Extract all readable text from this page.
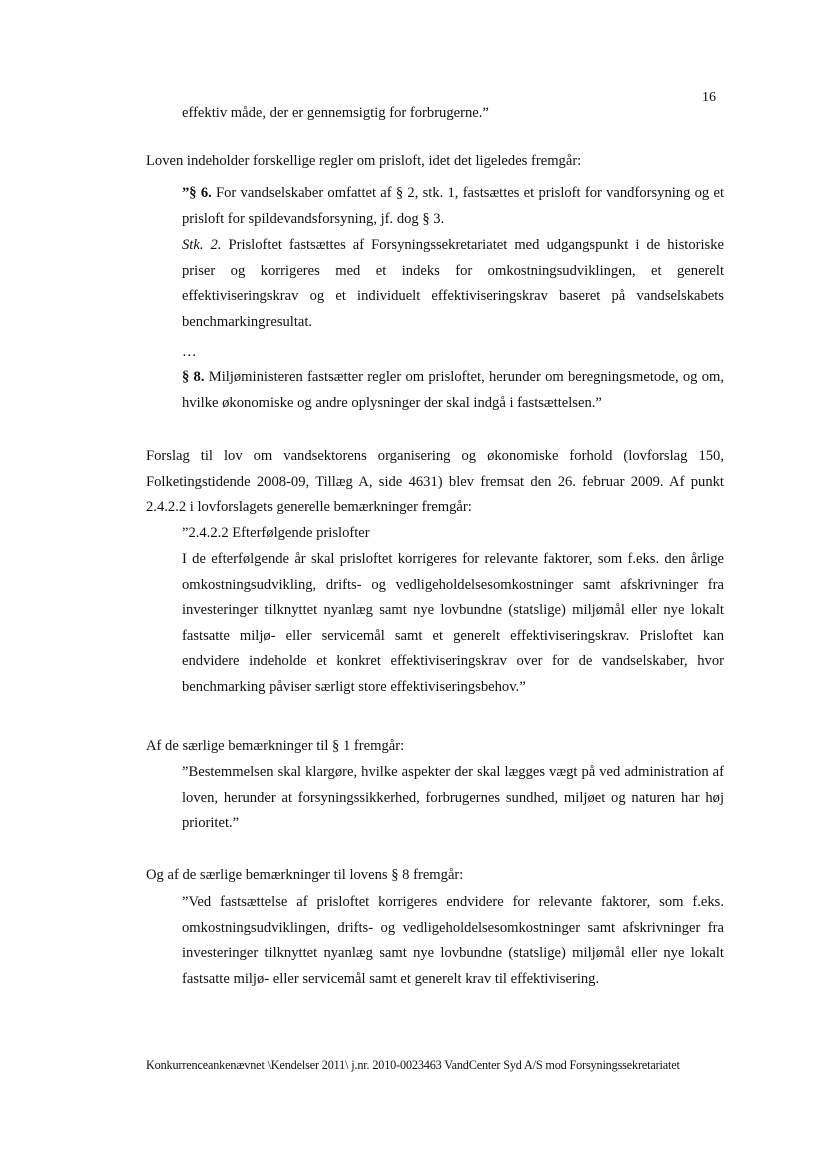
16

effektiv måde, der er gennemsigtig for forbrugerne.”

Loven indeholder forskellige regler om prisloft, idet det ligeledes fremgår:

”§ 6. For vandselskaber omfattet af § 2, stk. 1, fastsættes et prisloft for vandforsyning og et prisloft for spildevandsforsyning, jf. dog § 3.

Stk. 2. Prisloftet fastsættes af Forsyningssekretariatet med udgangspunkt i de historiske priser og korrigeres med et indeks for omkostningsudviklingen, et generelt effektiviseringskrav og et individuelt effektiviseringskrav baseret på vandselskabets benchmarkingresultat.

…

§ 8. Miljøministeren fastsætter regler om prisloftet, herunder om beregningsmetode, og om, hvilke økonomiske og andre oplysninger der skal indgå i fastsættelsen.”

Forslag til lov om vandsektorens organisering og økonomiske forhold (lovforslag 150, Folketingstidende 2008-09, Tillæg A, side 4631) blev fremsat den 26. februar 2009. Af punkt 2.4.2.2 i lovforslagets generelle bemærkninger fremgår:

”2.4.2.2 Efterfølgende prislofter

I de efterfølgende år skal prisloftet korrigeres for relevante faktorer, som f.eks. den årlige omkostningsudvikling, drifts- og vedligeholdelsesomkostninger samt afskrivninger fra investeringer tilknyttet nyanlæg samt nye lovbundne (statslige) miljømål eller nye lokalt fastsatte miljø- eller servicemål samt et generelt effektiviseringskrav. Prisloftet kan endvidere indeholde et konkret effektiviseringskrav over for de vandselskaber, hvor benchmarking påviser særligt store effektiviseringsbehov.”

Af de særlige bemærkninger til § 1 fremgår:

”Bestemmelsen skal klargøre, hvilke aspekter der skal lægges vægt på ved administration af loven, herunder at forsyningssikkerhed, forbrugernes sundhed, miljøet og naturen har høj prioritet.”

Og af de særlige bemærkninger til lovens § 8 fremgår:

”Ved fastsættelse af prisloftet korrigeres endvidere for relevante faktorer, som f.eks. omkostningsudviklingen, drifts- og vedligeholdelsesomkostninger samt afskrivninger fra investeringer tilknyttet nyanlæg samt nye lovbundne (statslige) miljømål eller nye lokalt fastsatte miljø- eller servicemål samt et generelt krav til effektivisering.

Konkurrenceankenævnet \Kendelser 2011\ j.nr. 2010-0023463 VandCenter Syd A/S mod Forsyningssekretariatet
